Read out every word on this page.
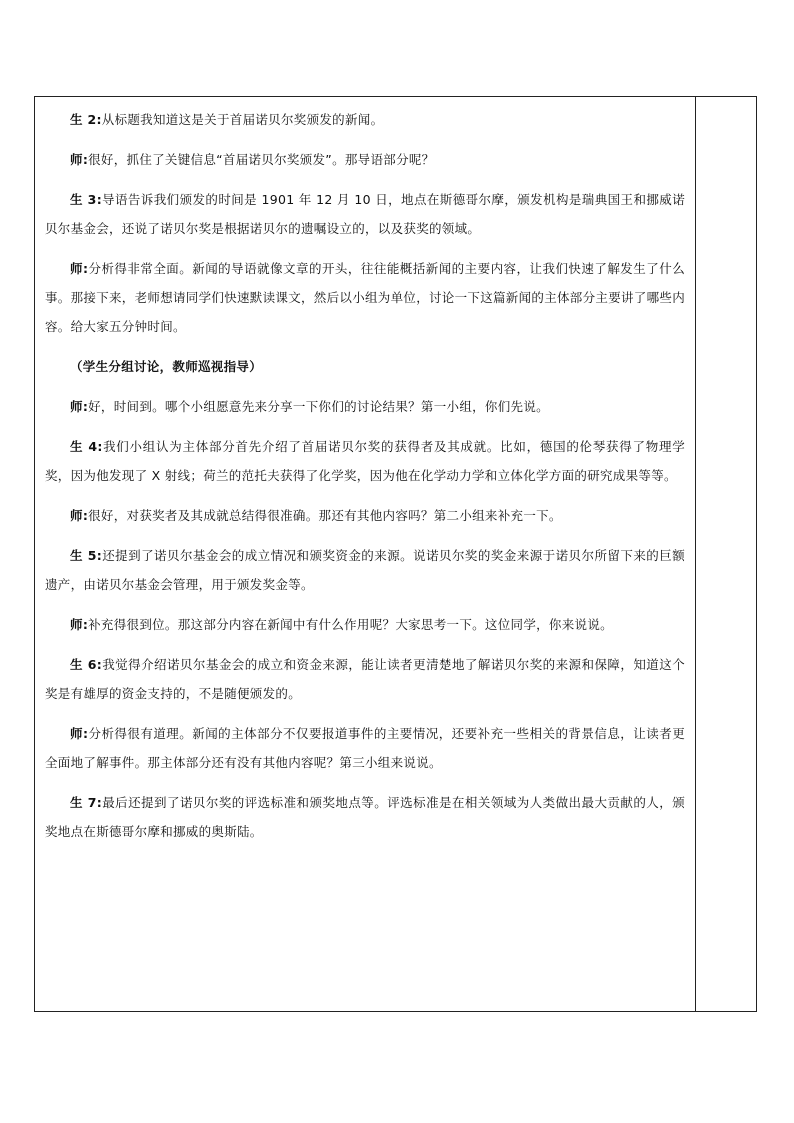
生 2:从标题我知道这是关于首届诺贝尔奖颁发的新闻。

师:很好，抓住了关键信息“首届诺贝尔奖颁发”。那导语部分呢？

生 3:导语告诉我们颁发的时间是 1901 年 12 月 10 日，地点在斯德哥尔摩，颁发机构是瑞典国王和挪威诺贝尔基金会，还说了诺贝尔奖是根据诺贝尔的遗嘱设立的，以及获奖的领域。

师:分析得非常全面。新闻的导语就像文章的开头，往往能概括新闻的主要内容，让我们快速了解发生了什么事。那接下来，老师想请同学们快速默读课文，然后以小组为单位，讨论一下这篇新闻的主体部分主要讲了哪些内容。给大家五分钟时间。

（学生分组讨论，教师巡视指导）

师:好，时间到。哪个小组愿意先来分享一下你们的讨论结果？第一小组，你们先说。

生 4:我们小组认为主体部分首先介绍了首届诺贝尔奖的获得者及其成就。比如，德国的伦琴获得了物理学奖，因为他发现了 X 射线；荷兰的范托夫获得了化学奖，因为他在化学动力学和立体化学方面的研究成果等等。

师:很好，对获奖者及其成就总结得很准确。那还有其他内容吗？第二小组来补充一下。

生 5:还提到了诺贝尔基金会的成立情况和颁奖资金的来源。说诺贝尔奖的奖金来源于诺贝尔所留下来的巨额遗产，由诺贝尔基金会管理，用于颁发奖金等。

师:补充得很到位。那这部分内容在新闻中有什么作用呢？大家思考一下。这位同学，你来说说。

生 6:我觉得介绍诺贝尔基金会的成立和资金来源，能让读者更清楚地了解诺贝尔奖的来源和保障，知道这个奖是有雄厚的资金支持的，不是随便颁发的。

师:分析得很有道理。新闻的主体部分不仅要报道事件的主要情况，还要补充一些相关的背景信息，让读者更全面地了解事件。那主体部分还有没有其他内容呢？第三小组来说说。

生 7:最后还提到了诺贝尔奖的评选标准和颁奖地点等。评选标准是在相关领域为人类做出最大贡献的人，颁奖地点在斯德哥尔摩和挪威的奥斯陆。
